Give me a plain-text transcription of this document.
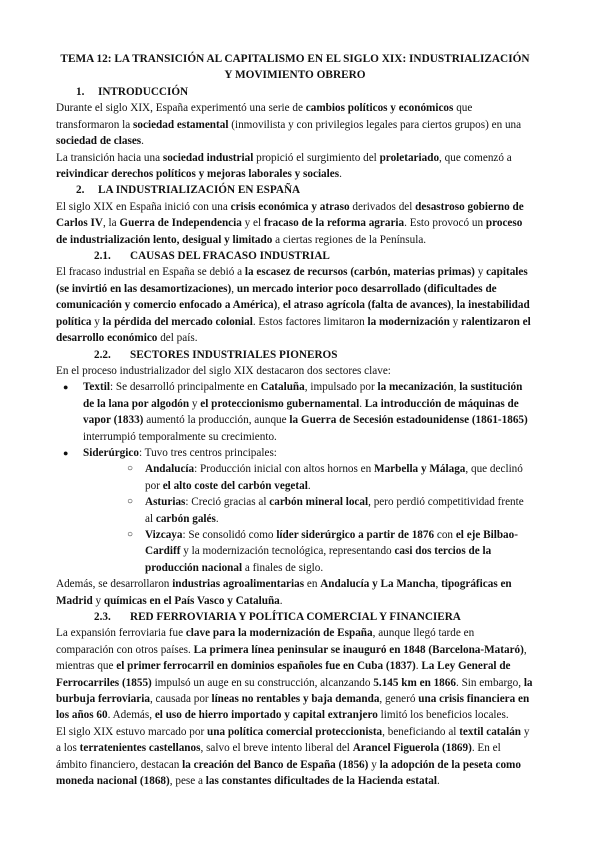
TEMA 12: LA TRANSICIÓN AL CAPITALISMO EN EL SIGLO XIX: INDUSTRIALIZACIÓN Y MOVIMIENTO OBRERO
1. INTRODUCCIÓN

Durante el siglo XIX, España experimentó una serie de cambios políticos y económicos que transformaron la sociedad estamental (inmovilista y con privilegios legales para ciertos grupos) en una sociedad de clases.

La transición hacia una sociedad industrial propició el surgimiento del proletariado, que comenzó a reivindicar derechos políticos y mejoras laborales y sociales.

2. LA INDUSTRIALIZACIÓN EN ESPAÑA

El siglo XIX en España inició con una crisis económica y atraso derivados del desastroso gobierno de Carlos IV, la Guerra de Independencia y el fracaso de la reforma agraria. Esto provocó un proceso de industrialización lento, desigual y limitado a ciertas regiones de la Península.

2.1. CAUSAS DEL FRACASO INDUSTRIAL

El fracaso industrial en España se debió a la escasez de recursos (carbón, materias primas) y capitales (se invirtió en las desamortizaciones), un mercado interior poco desarrollado (dificultades de comunicación y comercio enfocado a América), el atraso agrícola (falta de avances), la inestabilidad política y la pérdida del mercado colonial. Estos factores limitaron la modernización y ralentizaron el desarrollo económico del país.

2.2. SECTORES INDUSTRIALES PIONEROS

En el proceso industrializador del siglo XIX destacaron dos sectores clave:

● Textil: Se desarrolló principalmente en Cataluña, impulsado por la mecanización, la sustitución de la lana por algodón y el proteccionismo gubernamental. La introducción de máquinas de vapor (1833) aumentó la producción, aunque la Guerra de Secesión estadounidense (1861-1865) interrumpió temporalmente su crecimiento.
● Siderúrgico: Tuvo tres centros principales:
○ Andalucía: Producción inicial con altos hornos en Marbella y Málaga, que declinó por el alto coste del carbón vegetal.
○ Asturias: Creció gracias al carbón mineral local, pero perdió competitividad frente al carbón galés.
○ Vizcaya: Se consolidó como líder siderúrgico a partir de 1876 con el eje Bilbao-Cardiff y la modernización tecnológica, representando casi dos tercios de la producción nacional a finales de siglo.

Además, se desarrollaron industrias agroalimentarias en Andalucía y La Mancha, tipográficas en Madrid y químicas en el País Vasco y Cataluña.

2.3. RED FERROVIARIA Y POLÍTICA COMERCIAL Y FINANCIERA

La expansión ferroviaria fue clave para la modernización de España, aunque llegó tarde en comparación con otros países. La primera línea peninsular se inauguró en 1848 (Barcelona-Mataró), mientras que el primer ferrocarril en dominios españoles fue en Cuba (1837). La Ley General de Ferrocarriles (1855) impulsó un auge en su construcción, alcanzando 5.145 km en 1866. Sin embargo, la burbuja ferroviaria, causada por líneas no rentables y baja demanda, generó una crisis financiera en los años 60. Además, el uso de hierro importado y capital extranjero limitó los beneficios locales.

El siglo XIX estuvo marcado por una política comercial proteccionista, beneficiando al textil catalán y a los terratenientes castellanos, salvo el breve intento liberal del Arancel Figuerola (1869). En el ámbito financiero, destacan la creación del Banco de España (1856) y la adopción de la peseta como moneda nacional (1868), pese a las constantes dificultades de la Hacienda estatal.
